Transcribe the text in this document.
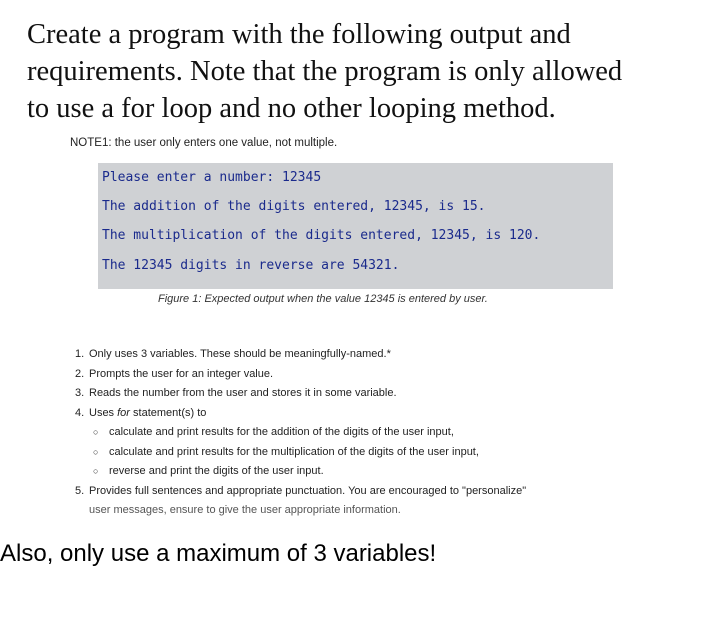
Create a program with the following output and
requirements. Note that the program is only allowed
to use a for loop and no other looping method.
NOTE1: the user only enters one value, not multiple.
Please enter a number: 12345
The addition of the digits entered, 12345, is 15.
The multiplication of the digits entered, 12345, is 120.
The 12345 digits in reverse are 54321.
Figure 1: Expected output when the value 12345 is entered by user.
1. Only uses 3 variables. These should be meaningfully-named.*
2. Prompts the user for an integer value.
3. Reads the number from the user and stores it in some variable.
4. Uses for statement(s) to
○ calculate and print results for the addition of the digits of the user input,
○ calculate and print results for the multiplication of the digits of the user input,
○ reverse and print the digits of the user input.
5. Provides full sentences and appropriate punctuation. You are encouraged to "personalize"
user messages, ensure to give the user appropriate information.
Also, only use a maximum of 3 variables!
